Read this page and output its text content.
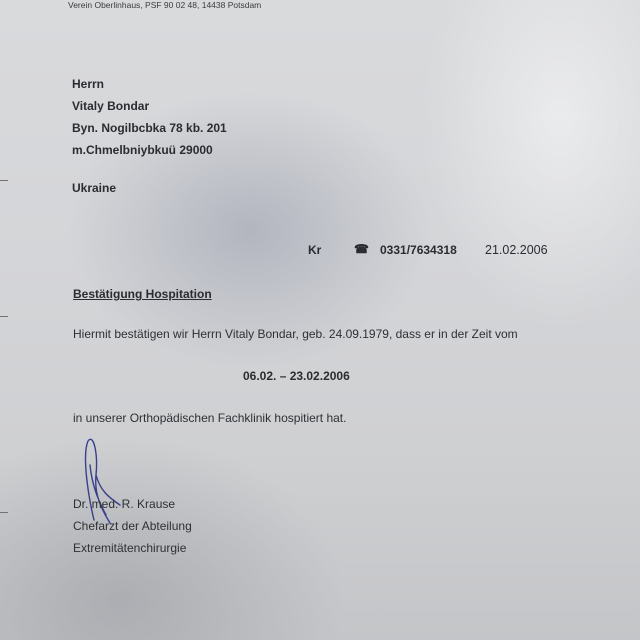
Verein Oberlinhaus, PSF 90 02 48, 14438 Potsdam
Herrn
Vitaly Bondar
Byn. Nogilbcbka 78 kb. 201
m.Chmelbniybkuü 29000
Ukraine
Kr	☎ 0331/7634318 21.02.2006
Bestätigung Hospitation
Hiermit bestätigen wir Herrn Vitaly Bondar, geb. 24.09.1979, dass er in der Zeit vom
06.02. – 23.02.2006
in unserer Orthopädischen Fachklinik hospitiert hat.
Dr. med. R. Krause
Chefarzt der Abteilung
Extremitätenchirurgie
